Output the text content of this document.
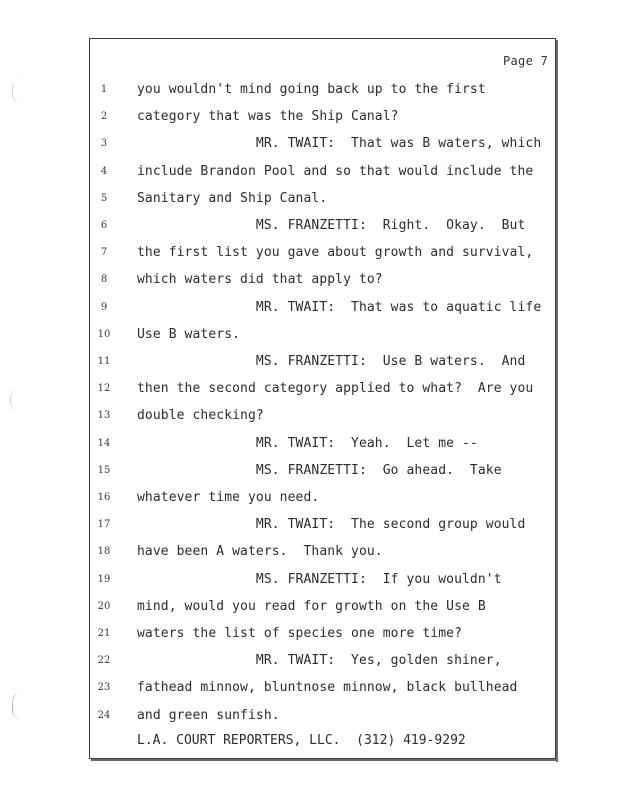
Page 7
1	you wouldn't mind going back up to the first
2	category that was the Ship Canal?
3	MR. TWAIT:  That was B waters, which
4	include Brandon Pool and so that would include the
5	Sanitary and Ship Canal.
6	MS. FRANZETTI:  Right.  Okay.  But
7	the first list you gave about growth and survival,
8	which waters did that apply to?
9	MR. TWAIT:  That was to aquatic life
10 Use B waters.
11 MS. FRANZETTI:  Use B waters.  And
12 then the second category applied to what?  Are you
13 double checking?
14 MR. TWAIT:  Yeah.  Let me --
15 MS. FRANZETTI:  Go ahead.  Take
16 whatever time you need.
17 MR. TWAIT:  The second group would
18 have been A waters.  Thank you.
19 MS. FRANZETTI:  If you wouldn't
20 mind, would you read for growth on the Use B
21 waters the list of species one more time?
22 MR. TWAIT:  Yes, golden shiner,
23 fathead minnow, bluntnose minnow, black bullhead
24 and green sunfish.
L.A. COURT REPORTERS, LLC.  (312) 419-9292
